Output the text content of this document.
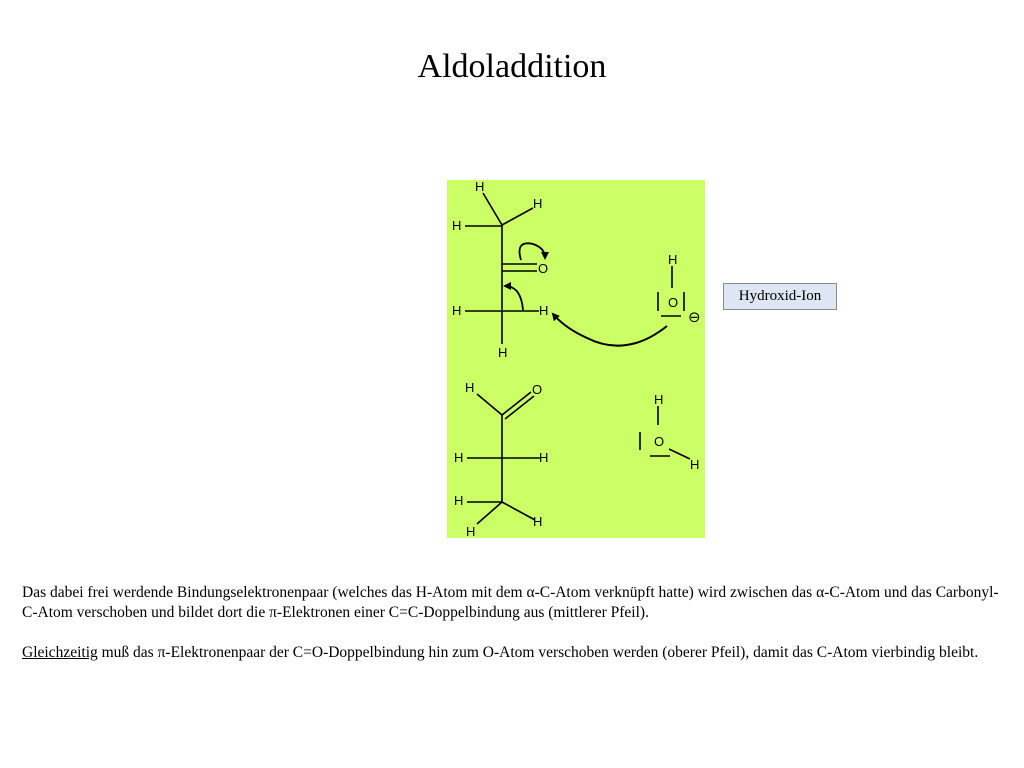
Aldoladdition
H
H
H
O
H	H
H
H
O
⊖
H	O
H	H
H
H
H
H
O
H
Hydroxid-Ion

Das dabei frei werdende Bindungselektronenpaar (welches das H-Atom mit dem α-C-Atom verknüpft hatte) wird zwischen das α-C-Atom und das Carbonyl-C-Atom verschoben und bildet dort die π-Elektronen einer C=C-Doppelbindung aus (mittlerer Pfeil).

Gleichzeitig muß das π-Elektronenpaar der C=O-Doppelbindung hin zum O-Atom verschoben werden (oberer Pfeil), damit das C-Atom vierbindig bleibt.
